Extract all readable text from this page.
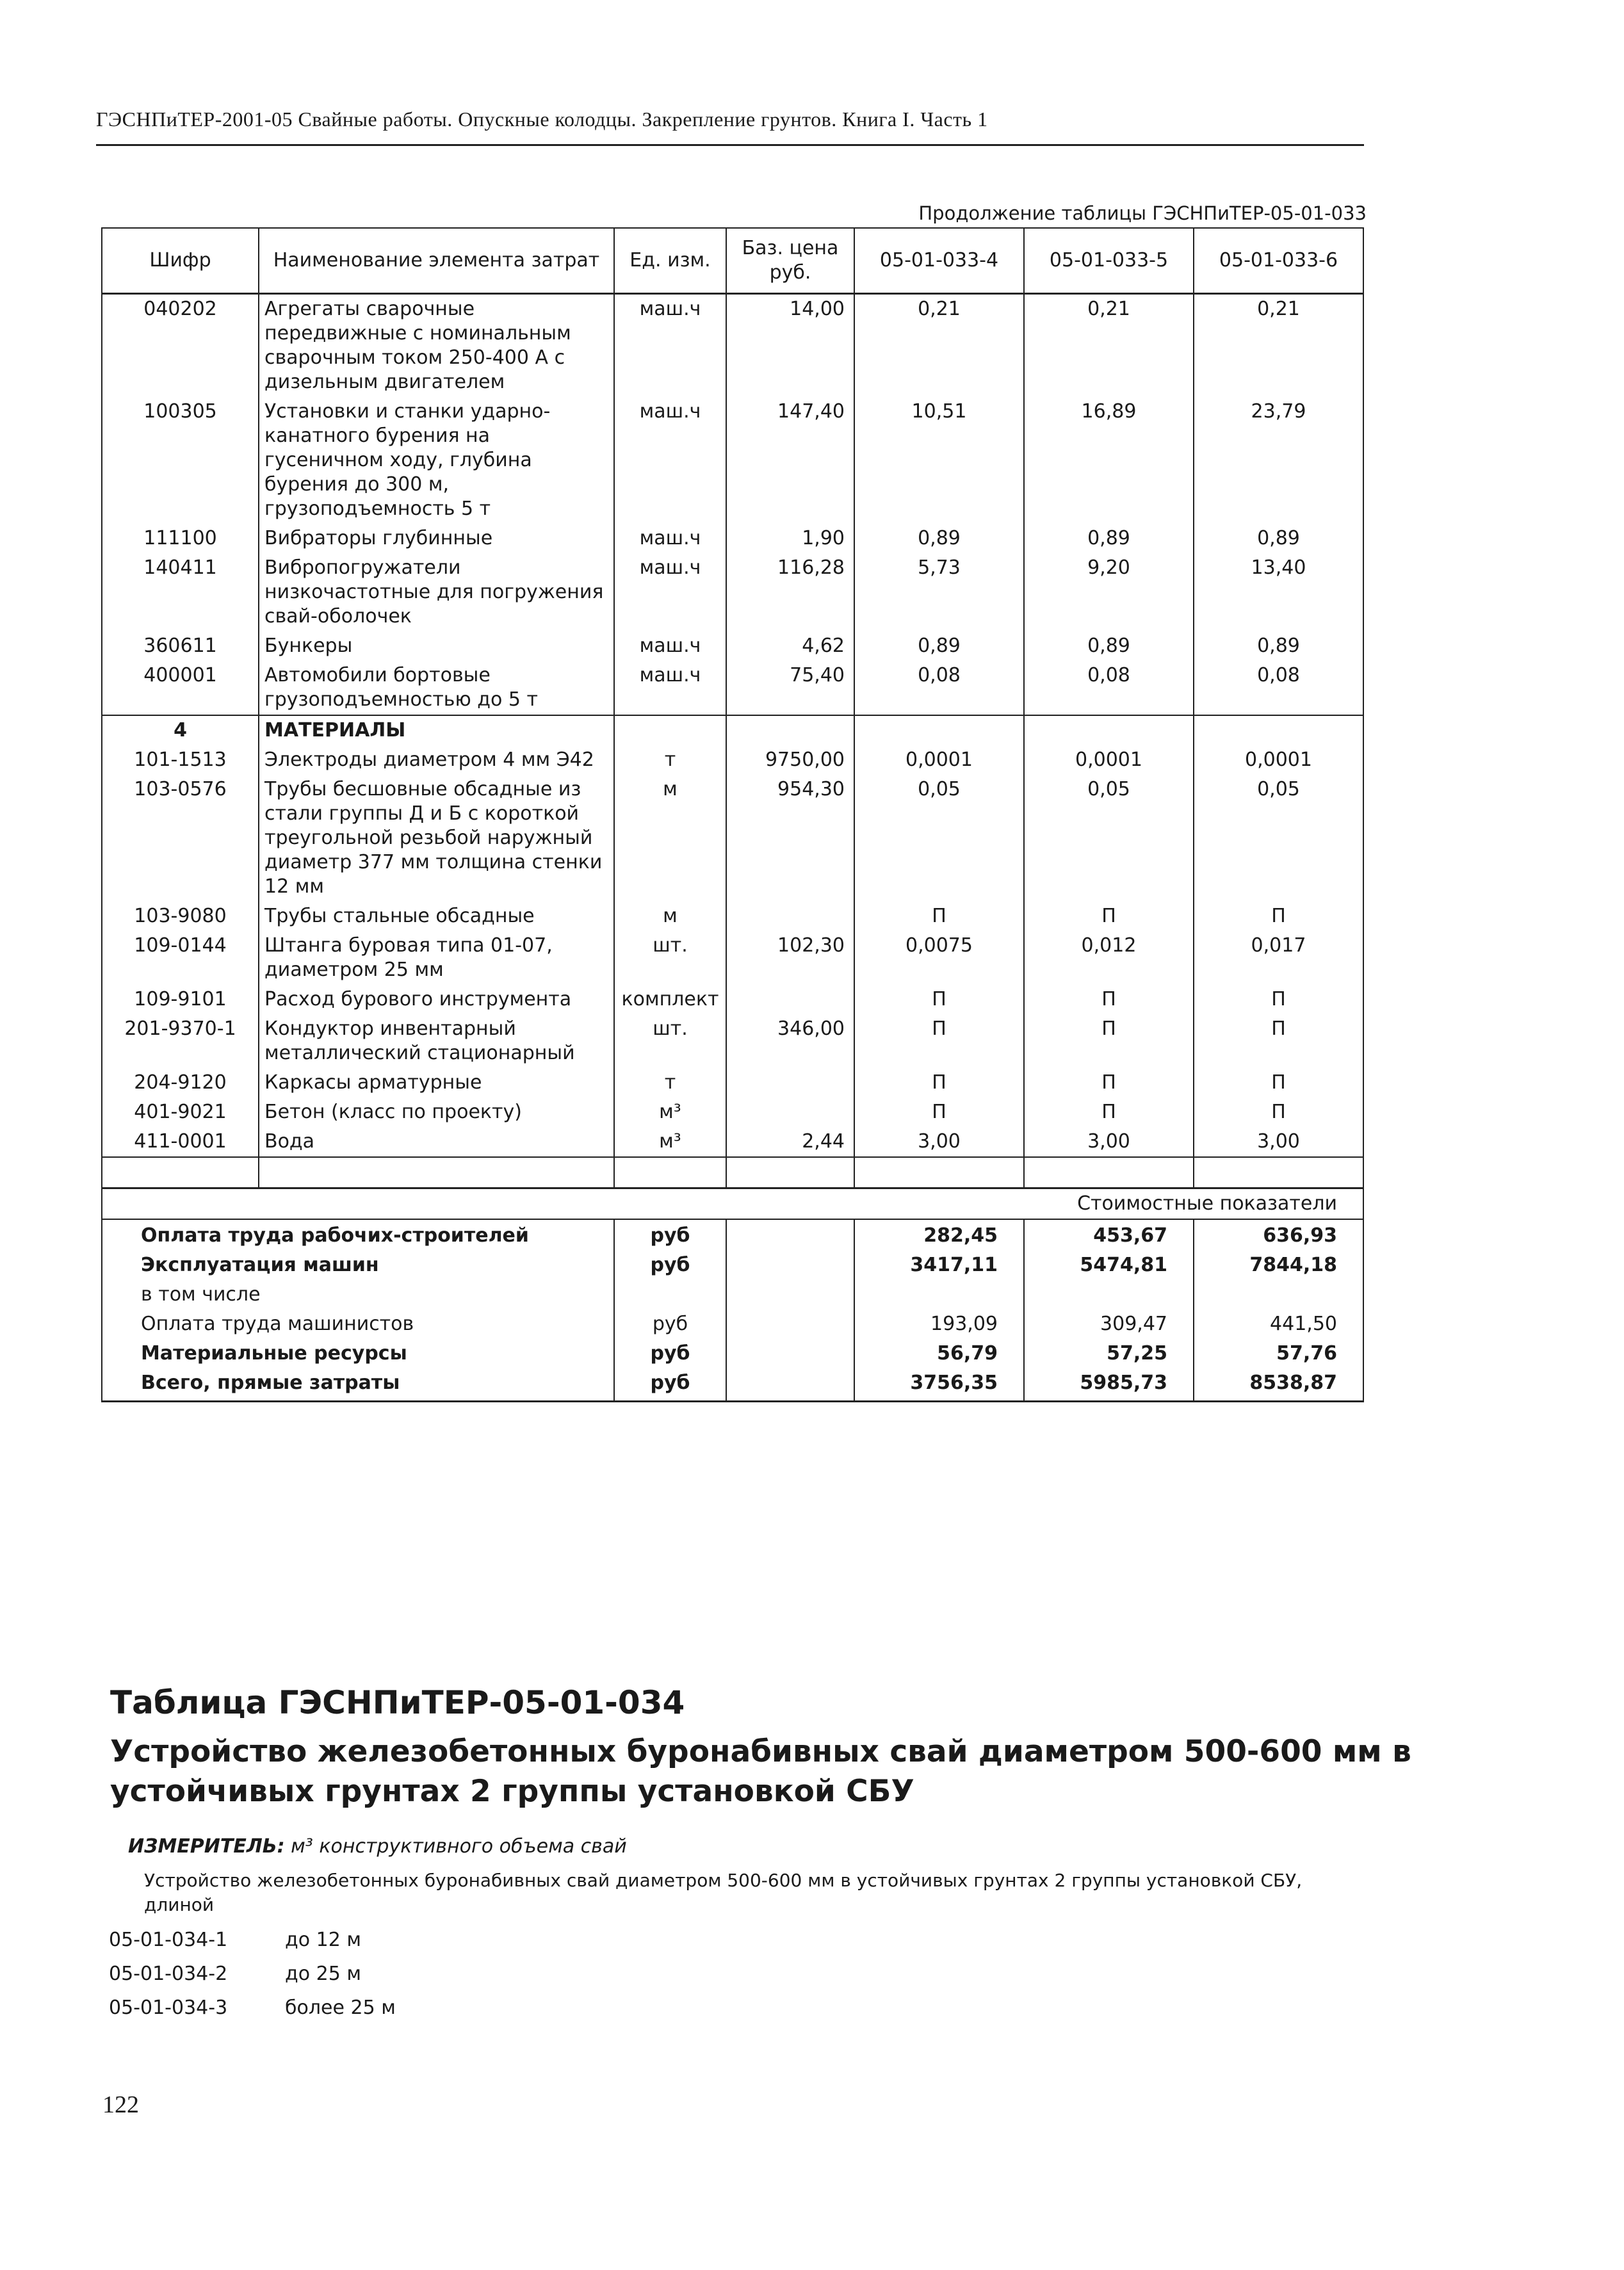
ГЭСНПиТЕР-2001-05 Свайные работы. Опускные колодцы. Закрепление грунтов. Книга I. Часть 1
Продолжение таблицы ГЭСНПиТЕР-05-01-033
Шифр	Наименование элемента затрат	Ед. изм.	Баз. цена руб.	05-01-033-4	05-01-033-5	05-01-033-6
040202	Агрегаты сварочные передвижные с номинальным сварочным током 250-400 А с дизельным двигателем	маш.ч	14,00	0,21	0,21	0,21
100305	Установки и станки ударно-канатного бурения на гусеничном ходу, глубина бурения до 300 м, грузоподъемность 5 т	маш.ч	147,40	10,51	16,89	23,79
111100	Вибраторы глубинные	маш.ч	1,90	0,89	0,89	0,89
140411	Вибропогружатели низкочастотные для погружения свай-оболочек	маш.ч	116,28	5,73	9,20	13,40
360611	Бункеры	маш.ч	4,62	0,89	0,89	0,89
400001	Автомобили бортовые грузоподъемностью до 5 т	маш.ч	75,40	0,08	0,08	0,08
4	МАТЕРИАЛЫ					
101-1513	Электроды диаметром 4 мм Э42	т	9750,00	0,0001	0,0001	0,0001
103-0576	Трубы бесшовные обсадные из стали группы Д и Б с короткой треугольной резьбой наружный диаметр 377 мм толщина стенки 12 мм	м	954,30	0,05	0,05	0,05
103-9080	Трубы стальные обсадные	м		П	П	П
109-0144	Штанга буровая типа 01-07, диаметром 25 мм	шт.	102,30	0,0075	0,012	0,017
109-9101	Расход бурового инструмента	комплект		П	П	П
201-9370-1	Кондуктор инвентарный металлический стационарный	шт.	346,00	П	П	П
204-9120	Каркасы арматурные	т		П	П	П
401-9021	Бетон (класс по проекту)	м³		П	П	П
411-0001	Вода	м³	2,44	3,00	3,00	3,00

Стоимостные показатели						
Оплата труда рабочих-строителей		руб		282,45	453,67	636,93
Эксплуатация машин		руб		3417,11	5474,81	7844,18
в том числе						
Оплата труда машинистов		руб		193,09	309,47	441,50
Материальные ресурсы		руб		56,79	57,25	57,76
Всего, прямые затраты		руб		3756,35	5985,73	8538,87
Таблица ГЭСНПиТЕР-05-01-034
Устройство железобетонных буронабивных свай диаметром 500-600 мм в устойчивых грунтах 2 группы установкой СБУ
ИЗМЕРИТЕЛЬ: м³ конструктивного объема свай
Устройство железобетонных буронабивных свай диаметром 500-600 мм в устойчивых грунтах 2 группы установкой СБУ, длиной
05-01-034-1	до 12 м
05-01-034-2	до 25 м
05-01-034-3	более 25 м
122
